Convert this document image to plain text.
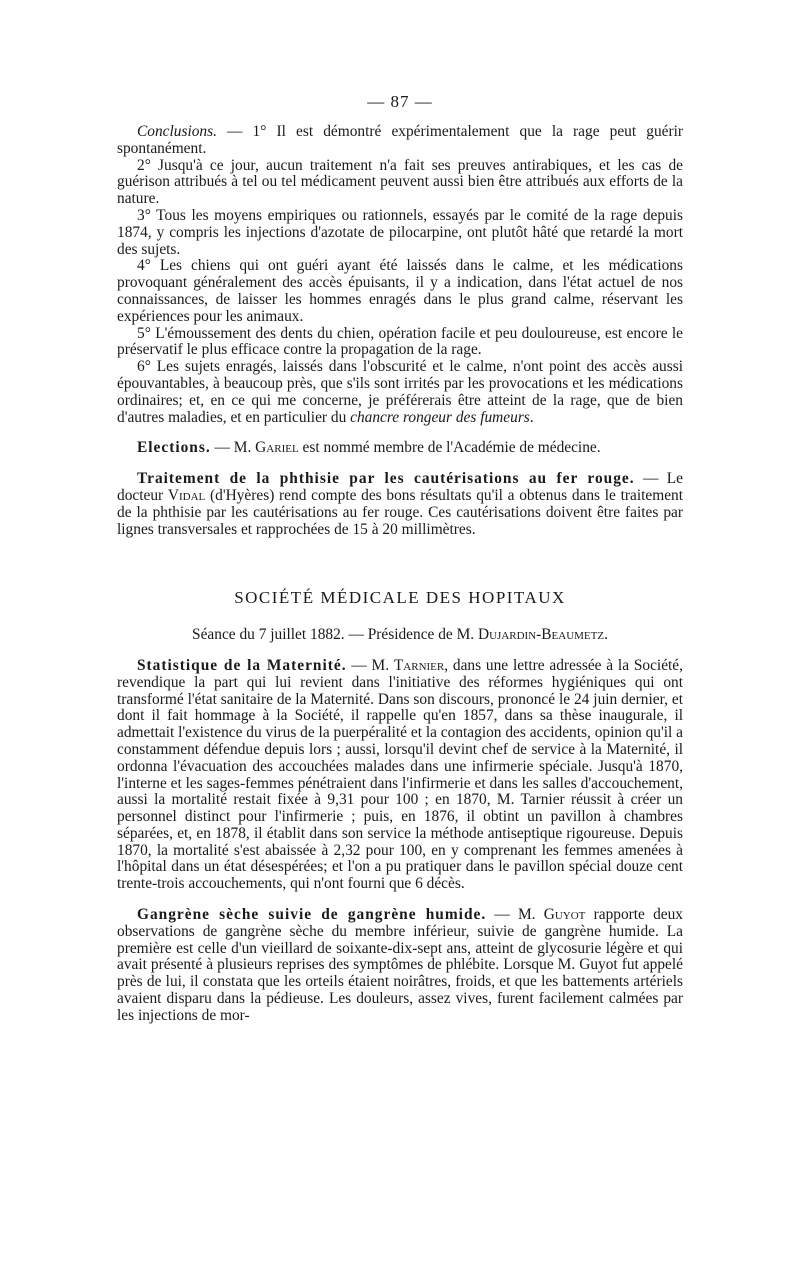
— 87 —

Conclusions. — 1° Il est démontré expérimentalement que la rage peut guérir spontanément.

2° Jusqu'à ce jour, aucun traitement n'a fait ses preuves antirabiques, et les cas de guérison attribués à tel ou tel médicament peuvent aussi bien être attribués aux efforts de la nature.

3° Tous les moyens empiriques ou rationnels, essayés par le comité de la rage depuis 1874, y compris les injections d'azotate de pilocarpine, ont plutôt hâté que retardé la mort des sujets.

4° Les chiens qui ont guéri ayant été laissés dans le calme, et les médications provoquant généralement des accès épuisants, il y a indication, dans l'état actuel de nos connaissances, de laisser les hommes enragés dans le plus grand calme, réservant les expériences pour les animaux.

5° L'émoussement des dents du chien, opération facile et peu douloureuse, est encore le préservatif le plus efficace contre la propagation de la rage.

6° Les sujets enragés, laissés dans l'obscurité et le calme, n'ont point des accès aussi épouvantables, à beaucoup près, que s'ils sont irrités par les provocations et les médications ordinaires; et, en ce qui me concerne, je préférerais être atteint de la rage, que de bien d'autres maladies, et en particulier du chancre rongeur des fumeurs.

Elections. — M. Gariel est nommé membre de l'Académie de médecine.

Traitement de la phthisie par les cautérisations au fer rouge. — Le docteur Vidal (d'Hyères) rend compte des bons résultats qu'il a obtenus dans le traitement de la phthisie par les cautérisations au fer rouge. Ces cautérisations doivent être faites par lignes transversales et rapprochées de 15 à 20 millimètres.

SOCIÉTÉ MÉDICALE DES HOPITAUX

Séance du 7 juillet 1882. — Présidence de M. Dujardin-Beaumetz.

Statistique de la Maternité. — M. Tarnier, dans une lettre adressée à la Société, revendique la part qui lui revient dans l'initiative des réformes hygiéniques qui ont transformé l'état sanitaire de la Maternité. Dans son discours, prononcé le 24 juin dernier, et dont il fait hommage à la Société, il rappelle qu'en 1857, dans sa thèse inaugurale, il admettait l'existence du virus de la puerpéralité et la contagion des accidents, opinion qu'il a constamment défendue depuis lors ; aussi, lorsqu'il devint chef de service à la Maternité, il ordonna l'évacuation des accouchées malades dans une infirmerie spéciale. Jusqu'à 1870, l'interne et les sages-femmes pénétraient dans l'infirmerie et dans les salles d'accouchement, aussi la mortalité restait fixée à 9,31 pour 100 ; en 1870, M. Tarnier réussit à créer un personnel distinct pour l'infirmerie ; puis, en 1876, il obtint un pavillon à chambres séparées, et, en 1878, il établit dans son service la méthode antiseptique rigoureuse. Depuis 1870, la mortalité s'est abaissée à 2,32 pour 100, en y comprenant les femmes amenées à l'hôpital dans un état désespérées; et l'on a pu pratiquer dans le pavillon spécial douze cent trente-trois accouchements, qui n'ont fourni que 6 décès.

Gangrène sèche suivie de gangrène humide. — M. Guyot rapporte deux observations de gangrène sèche du membre inférieur, suivie de gangrène humide. La première est celle d'un vieillard de soixante-dix-sept ans, atteint de glycosurie légère et qui avait présenté à plusieurs reprises des symptômes de phlébite. Lorsque M. Guyot fut appelé près de lui, il constata que les orteils étaient noirâtres, froids, et que les battements artériels avaient disparu dans la pédieuse. Les douleurs, assez vives, furent facilement calmées par les injections de mor-
